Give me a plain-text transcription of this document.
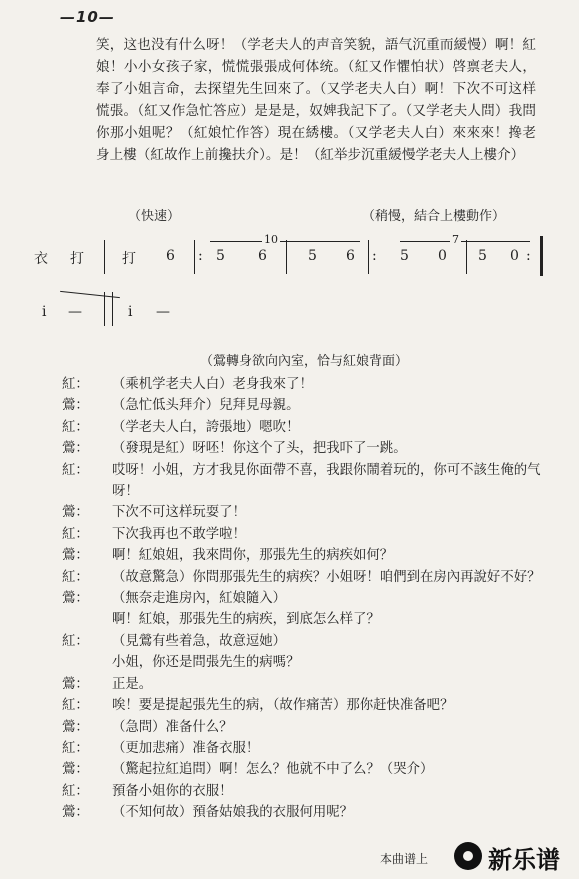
—10—

笑，这也没有什么呀！（学老夫人的声音笑貌，語气沉重而緩慢）啊！紅娘！小小女孩子家，慌慌張張成何体统。（紅又作懼怕状）啓禀老夫人，奉了小姐言命，去探望先生回來了。（又学老夫人白）啊！下次不可这样慌張。（紅又作急忙答应）是是是，奴婢我記下了。（又学老夫人問）我問你那小姐呢？（紅娘忙作答）現在綉樓。（又学老夫人白）來來來！搀老身上樓（紅故作上前攙扶介）。是！（紅举步沉重緩慢学老夫人上樓介）

（快速）	（稍慢，結合上樓動作）
10	7

衣

打

	打

6

:

5

6

	5

6

:

5

0

5

0

:

i

—

	i

—

（鶯轉身欲向內室，恰与紅娘背面）
紅：	（乘机学老夫人白）老身我來了！
鶯：	（急忙低头拜介）兒拜見母親。
紅：	（学老夫人白，誇張地）嗯吹！
鶯：	（發現是紅）呀呸！你这个了头，把我吓了一跳。
紅：	哎呀！小姐，方才我見你面帶不喜，我跟你鬧着玩的，你可不該生俺的气呀！
鶯：	下次不可这样玩耍了！
紅：	下次我再也不敢学啦！
鶯：	啊！紅娘姐，我來問你，那張先生的病疾如何？
紅：	（故意驚急）你問那張先生的病疾？小姐呀！咱們到在房內再說好不好？
鶯：	（無奈走進房內，紅娘隨入）
啊！紅娘，那張先生的病疾，到底怎么样了？
紅：	（見鶯有些着急，故意逗她）
小姐，你还是問張先生的病嗎？
鶯：	正是。
紅：	唉！要是提起張先生的病，（故作痛苦）那你赶快准备吧？
鶯：	（急問）准备什么？
紅：	（更加悲痛）准备衣服！
鶯：	（驚起拉紅追問）啊！怎么？他就不中了么？（哭介）
紅：	預备小姐你的衣服！
鶯：	（不知何故）預备姑娘我的衣服何用呢？
本曲谱上 新乐谱
